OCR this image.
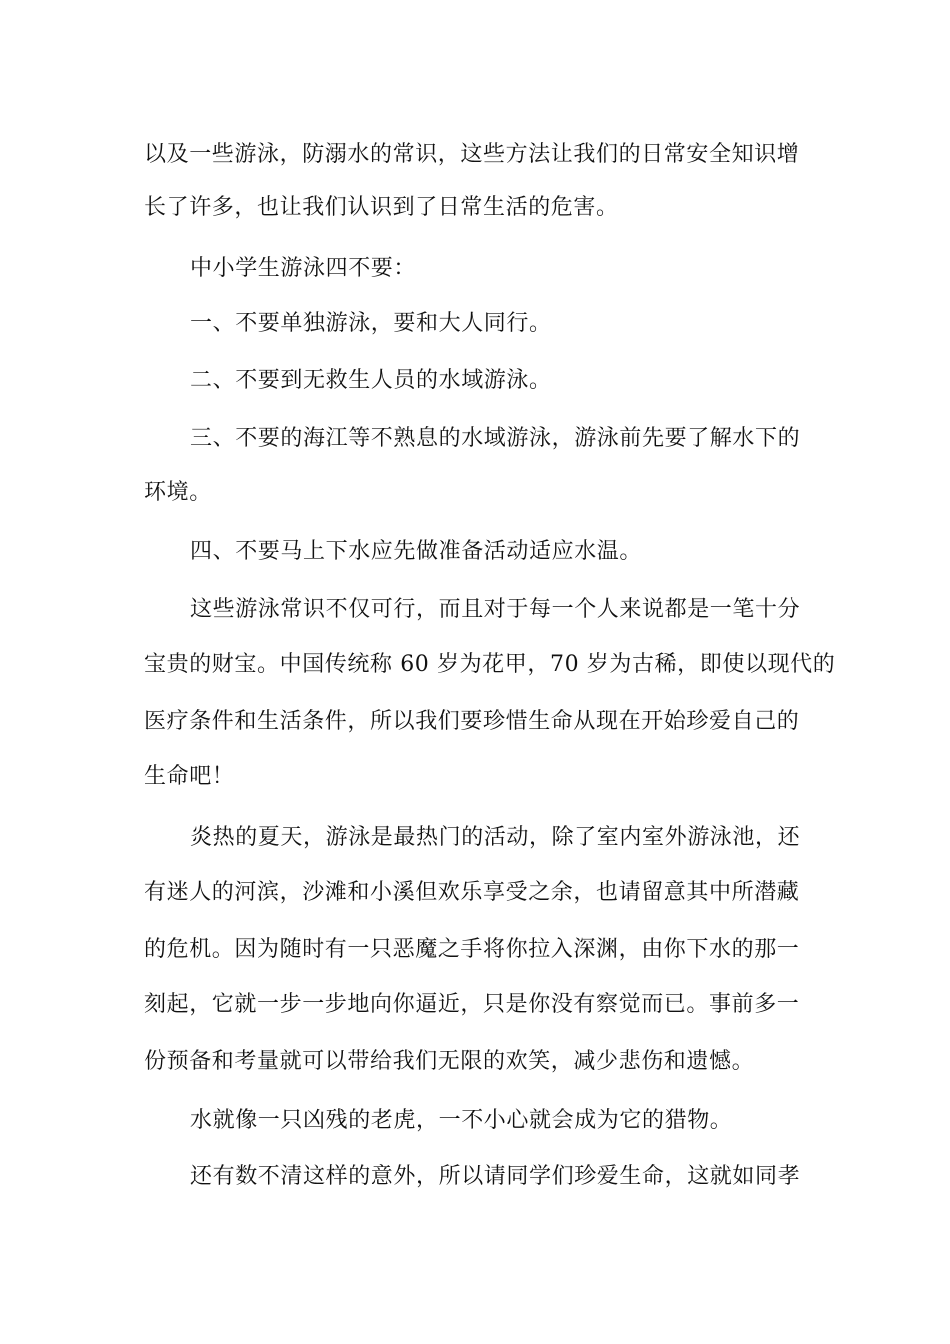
以及一些游泳，防溺水的常识，这些方法让我们的日常安全知识增
长了许多，也让我们认识到了日常生活的危害。
中小学生游泳四不要：
一、不要单独游泳，要和大人同行。
二、不要到无救生人员的水域游泳。
三、不要的海江等不熟息的水域游泳，游泳前先要了解水下的
环境。
四、不要马上下水应先做准备活动适应水温。
这些游泳常识不仅可行，而且对于每一个人来说都是一笔十分
宝贵的财宝。中国传统称 60 岁为花甲，70 岁为古稀，即使以现代的
医疗条件和生活条件，所以我们要珍惜生命从现在开始珍爱自己的
生命吧！
炎热的夏天，游泳是最热门的活动，除了室内室外游泳池，还
有迷人的河滨，沙滩和小溪但欢乐享受之余，也请留意其中所潜藏
的危机。因为随时有一只恶魔之手将你拉入深渊，由你下水的那一
刻起，它就一步一步地向你逼近，只是你没有察觉而已。事前多一
份预备和考量就可以带给我们无限的欢笑，减少悲伤和遗憾。
水就像一只凶残的老虎，一不小心就会成为它的猎物。
还有数不清这样的意外，所以请同学们珍爱生命，这就如同孝
